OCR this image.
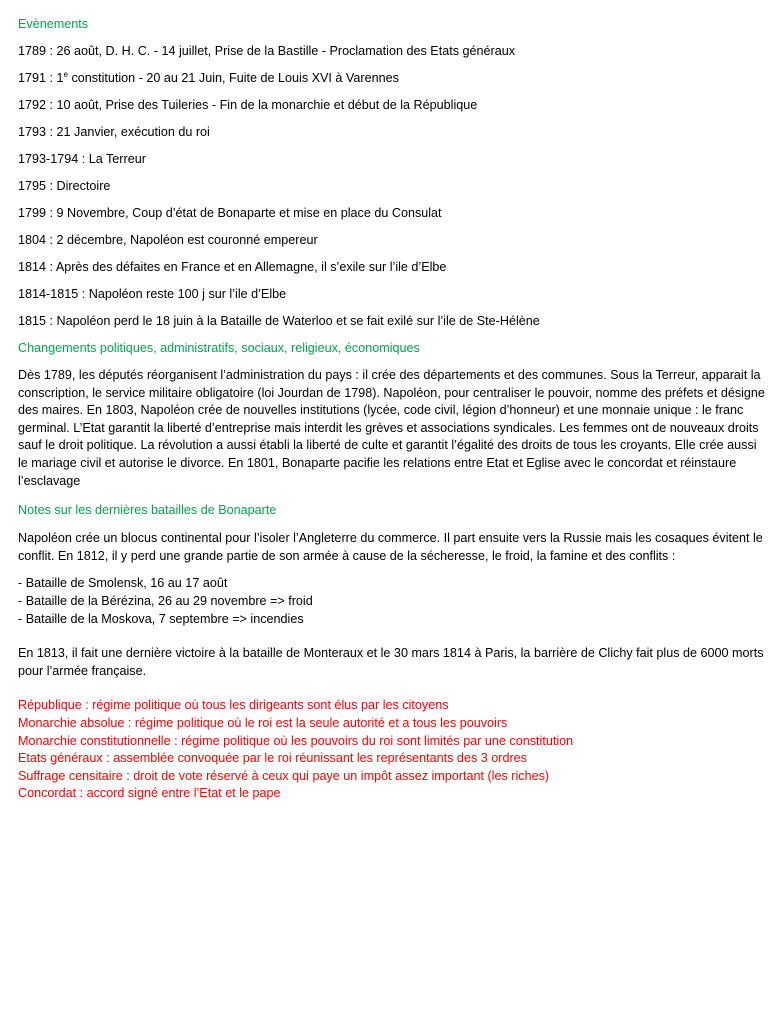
Evènements

1789 : 26 août, D. H. C. - 14 juillet, Prise de la Bastille - Proclamation des Etats généraux

1791 : 1e constitution - 20 au 21 Juin, Fuite de Louis XVI à Varennes

1792 : 10 août, Prise des Tuileries - Fin de la monarchie et début de la République

1793 : 21 Janvier, exécution du roi

1793-1794 : La Terreur

1795 : Directoire

1799 : 9 Novembre, Coup d’état de Bonaparte et mise en place du Consulat

1804 : 2 décembre, Napoléon est couronné empereur

1814 : Après des défaites en France et en Allemagne, il s’exile sur l’ile d’Elbe

1814-1815 : Napoléon reste 100 j sur l’ile d’Elbe

1815 : Napoléon perd le 18 juin à la Bataille de Waterloo et se fait exilé sur l’ile de Ste-Hélène

Changements politiques, administratifs, sociaux, religieux, économiques

Dès 1789, les députés réorganisent l’administration du pays : il crée des départements et des communes. Sous la Terreur, apparait la conscription, le service militaire obligatoire (loi Jourdan de 1798). Napoléon, pour centraliser le pouvoir, nomme des préfets et désigne des maires. En 1803, Napoléon crée de nouvelles institutions (lycée, code civil, légion d’honneur) et une monnaie unique : le franc germinal. L’Etat garantit la liberté d’entreprise mais interdit les grèves et associations syndicales. Les femmes ont de nouveaux droits sauf le droit politique. La révolution a aussi établi la liberté de culte et garantit l’égalité des droits de tous les croyants. Elle crée aussi le mariage civil et autorise le divorce. En 1801, Bonaparte pacifie les relations entre Etat et Eglise avec le concordat et réinstaure l’esclavage

Notes sur les dernières batailles de Bonaparte

Napoléon crée un blocus continental pour l’isoler l’Angleterre du commerce. Il part ensuite vers la Russie mais les cosaques évitent le conflit. En 1812, il y perd une grande partie de son armée à cause de la sécheresse, le froid, la famine et des conflits :

- Bataille de Smolensk, 16 au 17 août

- Bataille de la Bérézina, 26 au 29 novembre => froid

- Bataille de la Moskova, 7 septembre => incendies

En 1813, il fait une dernière victoire à la bataille de Monteraux et le 30 mars 1814 à Paris, la barrière de Clichy fait plus de 6000 morts pour l’armée française.

République : régime politique où tous les dirigeants sont élus par les citoyens

Monarchie absolue : régime politique où le roi est la seule autorité et a tous les pouvoirs

Monarchie constitutionnelle : régime politique où les pouvoirs du roi sont limités par une constitution

Etats généraux : assemblée convoquée par le roi réunissant les représentants des 3 ordres

Suffrage censitaire : droit de vote réservé à ceux qui paye un impôt assez important (les riches)

Concordat : accord signé entre l’Etat et le pape
